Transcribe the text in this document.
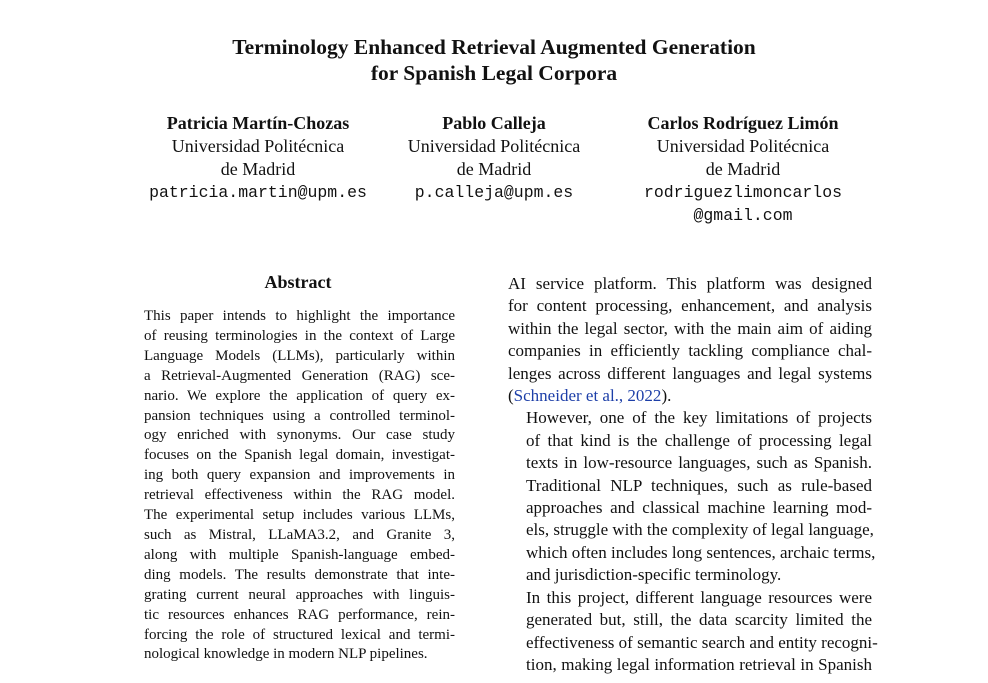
Terminology Enhanced Retrieval Augmented Generation
for Spanish Legal Corpora
Patricia Martín-Chozas
Universidad Politécnica
de Madrid
patricia.martin@upm.es
Pablo Calleja
Universidad Politécnica
de Madrid
p.calleja@upm.es
Carlos Rodríguez Limón
Universidad Politécnica
de Madrid
rodriguezlimoncarlos
@gmail.com
Abstract
This paper intends to highlight the importance
of reusing terminologies in the context of Large
Language Models (LLMs), particularly within
a Retrieval-Augmented Generation (RAG) sce-
nario. We explore the application of query ex-
pansion techniques using a controlled terminol-
ogy enriched with synonyms. Our case study
focuses on the Spanish legal domain, investigat-
ing both query expansion and improvements in
retrieval effectiveness within the RAG model.
The experimental setup includes various LLMs,
such as Mistral, LLaMA3.2, and Granite 3,
along with multiple Spanish-language embed-
ding models. The results demonstrate that inte-
grating current neural approaches with linguis-
tic resources enhances RAG performance, rein-
forcing the role of structured lexical and termi-
nological knowledge in modern NLP pipelines.
AI service platform. This platform was designed
for content processing, enhancement, and analysis
within the legal sector, with the main aim of aiding
companies in efficiently tackling compliance chal-
lenges across different languages and legal systems
(Schneider et al., 2022).
However, one of the key limitations of projects
of that kind is the challenge of processing legal
texts in low-resource languages, such as Spanish.
Traditional NLP techniques, such as rule-based
approaches and classical machine learning mod-
els, struggle with the complexity of legal language,
which often includes long sentences, archaic terms,
and jurisdiction-specific terminology.
In this project, different language resources were
generated but, still, the data scarcity limited the
effectiveness of semantic search and entity recogni-
tion, making legal information retrieval in Spanish
